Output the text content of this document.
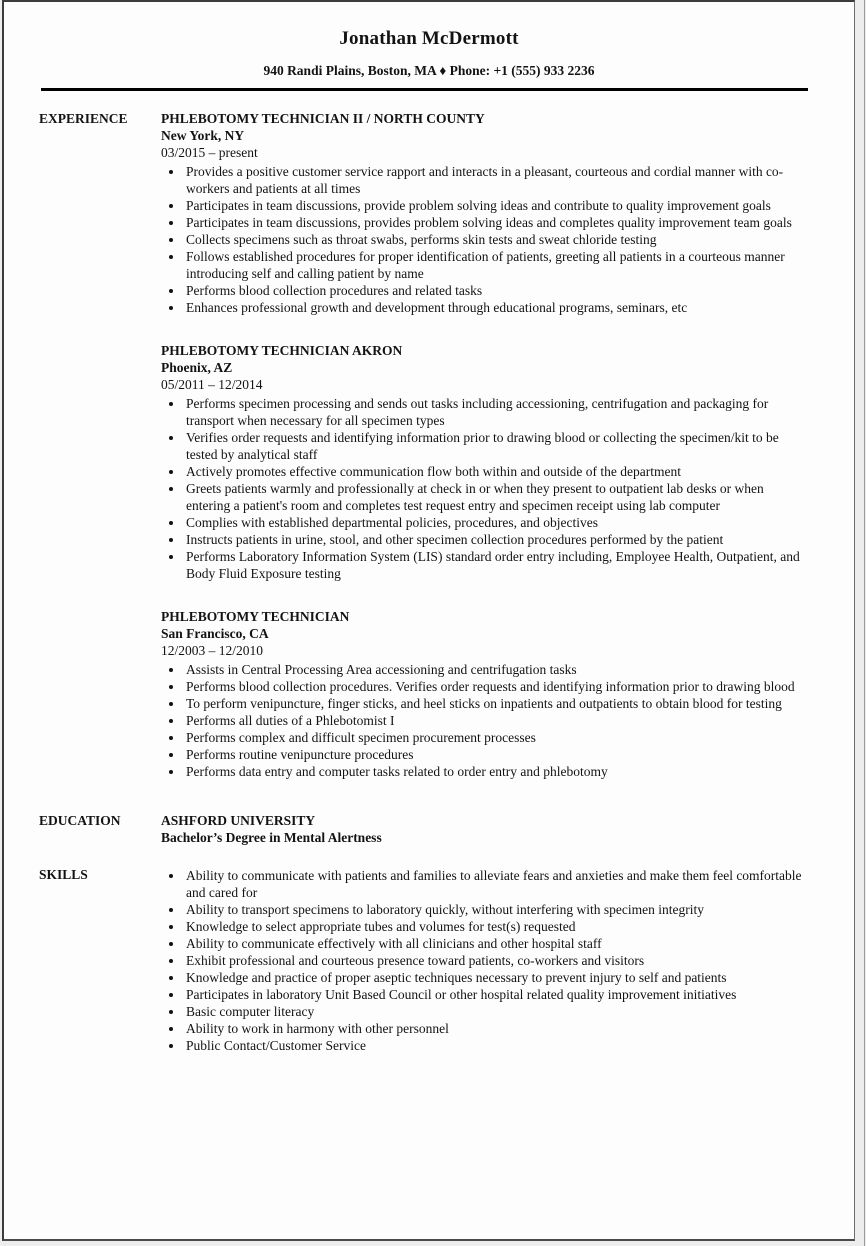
Jonathan McDermott
940 Randi Plains, Boston, MA ♦ Phone: +1 (555) 933 2236
EXPERIENCE	PHLEBOTOMY TECHNICIAN II / NORTH COUNTY
New York, NY
03/2015 – present
• Provides a positive customer service rapport and interacts in a pleasant, courteous and cordial manner with co-workers and patients at all times
• Participates in team discussions, provide problem solving ideas and contribute to quality improvement goals
• Participates in team discussions, provides problem solving ideas and completes quality improvement team goals
• Collects specimens such as throat swabs, performs skin tests and sweat chloride testing
• Follows established procedures for proper identification of patients, greeting all patients in a courteous manner introducing self and calling patient by name
• Performs blood collection procedures and related tasks
• Enhances professional growth and development through educational programs, seminars, etc
PHLEBOTOMY TECHNICIAN AKRON
Phoenix, AZ
05/2011 – 12/2014
• Performs specimen processing and sends out tasks including accessioning, centrifugation and packaging for transport when necessary for all specimen types
• Verifies order requests and identifying information prior to drawing blood or collecting the specimen/kit to be tested by analytical staff
• Actively promotes effective communication flow both within and outside of the department
• Greets patients warmly and professionally at check in or when they present to outpatient lab desks or when entering a patient's room and completes test request entry and specimen receipt using lab computer
• Complies with established departmental policies, procedures, and objectives
• Instructs patients in urine, stool, and other specimen collection procedures performed by the patient
• Performs Laboratory Information System (LIS) standard order entry including, Employee Health, Outpatient, and Body Fluid Exposure testing
PHLEBOTOMY TECHNICIAN
San Francisco, CA
12/2003 – 12/2010
• Assists in Central Processing Area accessioning and centrifugation tasks
• Performs blood collection procedures. Verifies order requests and identifying information prior to drawing blood
• To perform venipuncture, finger sticks, and heel sticks on inpatients and outpatients to obtain blood for testing
• Performs all duties of a Phlebotomist I
• Performs complex and difficult specimen procurement processes
• Performs routine venipuncture procedures
• Performs data entry and computer tasks related to order entry and phlebotomy
EDUCATION	ASHFORD UNIVERSITY
Bachelor’s Degree in Mental Alertness
SKILLS	• Ability to communicate with patients and families to alleviate fears and anxieties and make them feel comfortable and cared for
• Ability to transport specimens to laboratory quickly, without interfering with specimen integrity
• Knowledge to select appropriate tubes and volumes for test(s) requested
• Ability to communicate effectively with all clinicians and other hospital staff
• Exhibit professional and courteous presence toward patients, co-workers and visitors
• Knowledge and practice of proper aseptic techniques necessary to prevent injury to self and patients
• Participates in laboratory Unit Based Council or other hospital related quality improvement initiatives
• Basic computer literacy
• Ability to work in harmony with other personnel
• Public Contact/Customer Service
